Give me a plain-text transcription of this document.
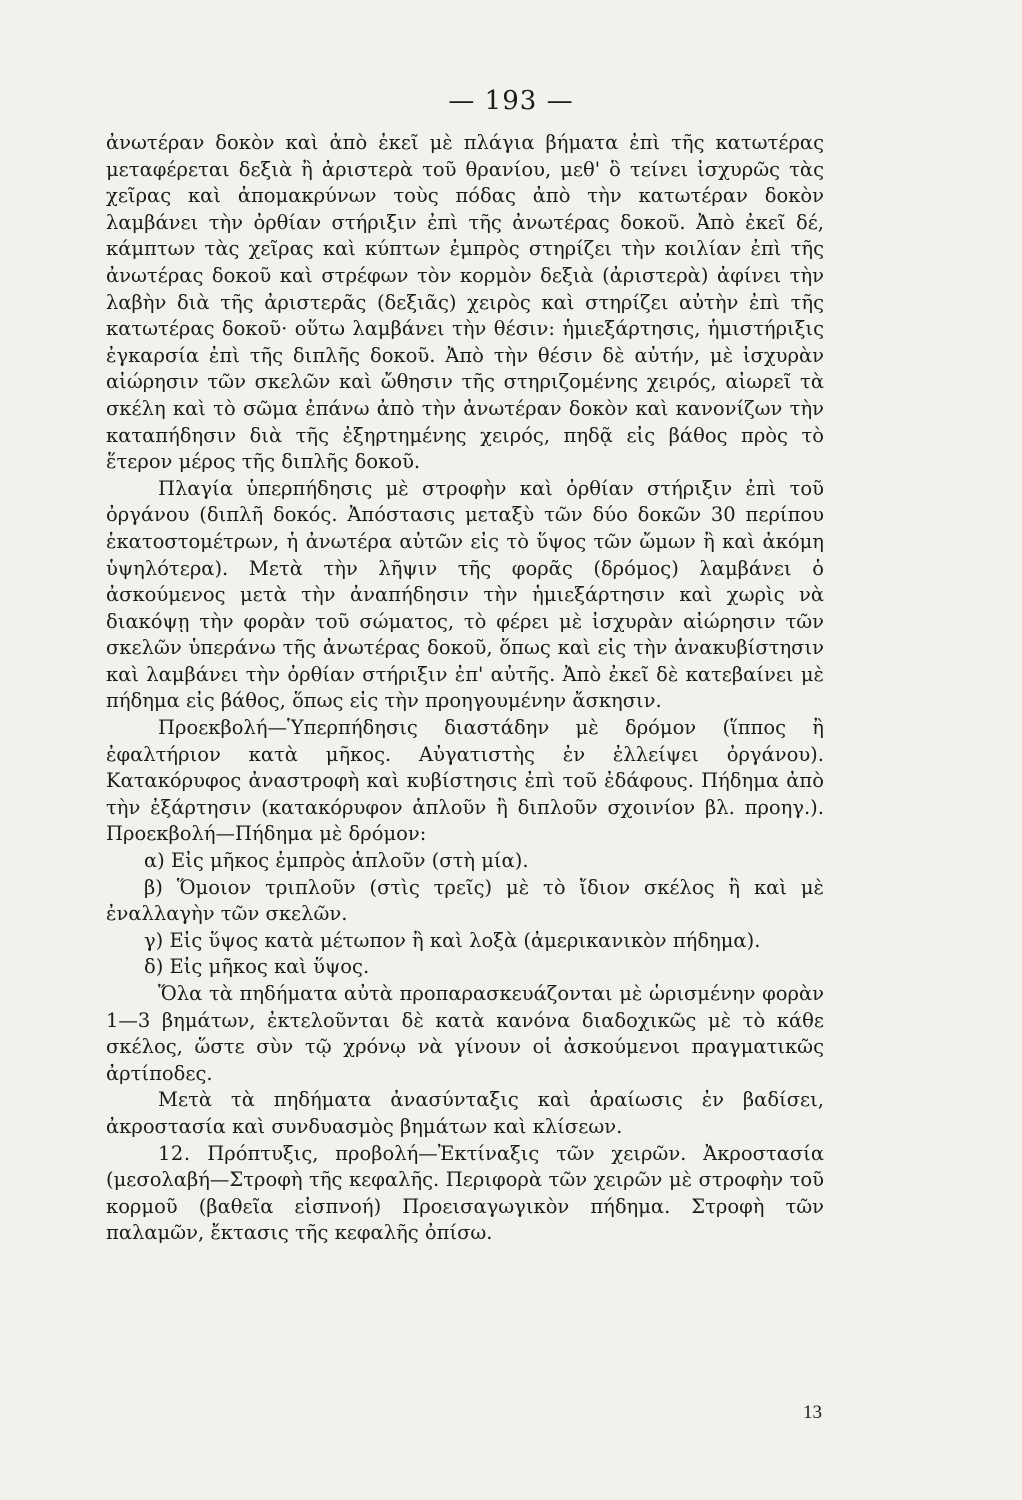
— 193 —

ἀνωτέραν δοκὸν καὶ ἀπὸ ἐκεῖ μὲ πλάγια βήματα ἐπὶ τῆς κατωτέρας μεταφέρεται δεξιὰ ἢ ἀριστερὰ τοῦ θρανίου, μεθ' ὃ τείνει ἰσχυρῶς τὰς χεῖρας καὶ ἀπομακρύνων τοὺς πόδας ἀπὸ τὴν κατωτέραν δοκὸν λαμβάνει τὴν ὀρθίαν στήριξιν ἐπὶ τῆς ἀνωτέρας δοκοῦ. Ἀπὸ ἐκεῖ δέ, κάμπτων τὰς χεῖρας καὶ κύπτων ἐμπρὸς στηρίζει τὴν κοιλίαν ἐπὶ τῆς ἀνωτέρας δοκοῦ καὶ στρέφων τὸν κορμὸν δεξιὰ (ἀριστερὰ) ἀφίνει τὴν λαβὴν διὰ τῆς ἀριστερᾶς (δεξιᾶς) χειρὸς καὶ στηρίζει αὐτὴν ἐπὶ τῆς κατωτέρας δοκοῦ· οὕτω λαμβάνει τὴν θέσιν: ἡμιεξάρτησις, ἡμιστήριξις ἐγκαρσία ἐπὶ τῆς διπλῆς δοκοῦ. Ἀπὸ τὴν θέσιν δὲ αὐτήν, μὲ ἰσχυρὰν αἰώρησιν τῶν σκελῶν καὶ ὤθησιν τῆς στηριζομένης χειρός, αἰωρεῖ τὰ σκέλη καὶ τὸ σῶμα ἐπάνω ἀπὸ τὴν ἀνωτέραν δοκὸν καὶ κανονίζων τὴν καταπήδησιν διὰ τῆς ἐξηρτημένης χειρός, πηδᾷ εἰς βάθος πρὸς τὸ ἕτερον μέρος τῆς διπλῆς δοκοῦ.

Πλαγία ὑπερπήδησις μὲ στροφὴν καὶ ὀρθίαν στήριξιν ἐπὶ τοῦ ὀργάνου (διπλῆ δοκός. Ἀπόστασις μεταξὺ τῶν δύο δοκῶν 30 περίπου ἑκατοστομέτρων, ἡ ἀνωτέρα αὐτῶν εἰς τὸ ὕψος τῶν ὤμων ἢ καὶ ἀκόμη ὑψηλότερα). Μετὰ τὴν λῆψιν τῆς φορᾶς (δρόμος) λαμβάνει ὁ ἀσκούμενος μετὰ τὴν ἀναπήδησιν τὴν ἡμιεξάρτησιν καὶ χωρὶς νὰ διακόψῃ τὴν φορὰν τοῦ σώματος, τὸ φέρει μὲ ἰσχυρὰν αἰώρησιν τῶν σκελῶν ὑπεράνω τῆς ἀνωτέρας δοκοῦ, ὅπως καὶ εἰς τὴν ἀνακυβίστησιν καὶ λαμβάνει τὴν ὀρθίαν στήριξιν ἐπ' αὐτῆς. Ἀπὸ ἐκεῖ δὲ κατεβαίνει μὲ πήδημα εἰς βάθος, ὅπως εἰς τὴν προηγουμένην ἄσκησιν.

Προεκβολή—Ὑπερπήδησις διαστάδην μὲ δρόμον (ἵππος ἢ ἐφαλτήριον κατὰ μῆκος. Αὐγατιστὴς ἐν ἐλλείψει ὀργάνου). Κατακόρυφος ἀναστροφὴ καὶ κυβίστησις ἐπὶ τοῦ ἐδάφους. Πήδημα ἀπὸ τὴν ἐξάρτησιν (κατακόρυφον ἁπλοῦν ἢ διπλοῦν σχοινίον βλ. προηγ.). Προεκβολή—Πήδημα μὲ δρόμον:

α) Εἰς μῆκος ἐμπρὸς ἁπλοῦν (στὴ μία).

β) Ὅμοιον τριπλοῦν (στὶς τρεῖς) μὲ τὸ ἴδιον σκέλος ἢ καὶ μὲ ἐναλλαγὴν τῶν σκελῶν.

γ) Εἰς ὕψος κατὰ μέτωπον ἢ καὶ λοξὰ (ἀμερικανικὸν πήδημα).

δ) Εἰς μῆκος καὶ ὕψος.

Ὅλα τὰ πηδήματα αὐτὰ προπαρασκευάζονται μὲ ὡρισμένην φορὰν 1—3 βημάτων, ἐκτελοῦνται δὲ κατὰ κανόνα διαδοχικῶς μὲ τὸ κάθε σκέλος, ὥστε σὺν τῷ χρόνῳ νὰ γίνουν οἱ ἀσκούμενοι πραγματικῶς ἀρτίποδες.

Μετὰ τὰ πηδήματα ἀνασύνταξις καὶ ἀραίωσις ἐν βαδίσει, ἀκροστασία καὶ συνδυασμὸς βημάτων καὶ κλίσεων.

12. Πρόπτυξις, προβολή—Ἐκτίναξις τῶν χειρῶν. Ἀκροστασία (μεσολαβή—Στροφὴ τῆς κεφαλῆς. Περιφορὰ τῶν χειρῶν μὲ στροφὴν τοῦ κορμοῦ (βαθεῖα εἰσπνοή) Προεισαγωγικὸν πήδημα. Στροφὴ τῶν παλαμῶν, ἔκτασις τῆς κεφαλῆς ὀπίσω.

13
